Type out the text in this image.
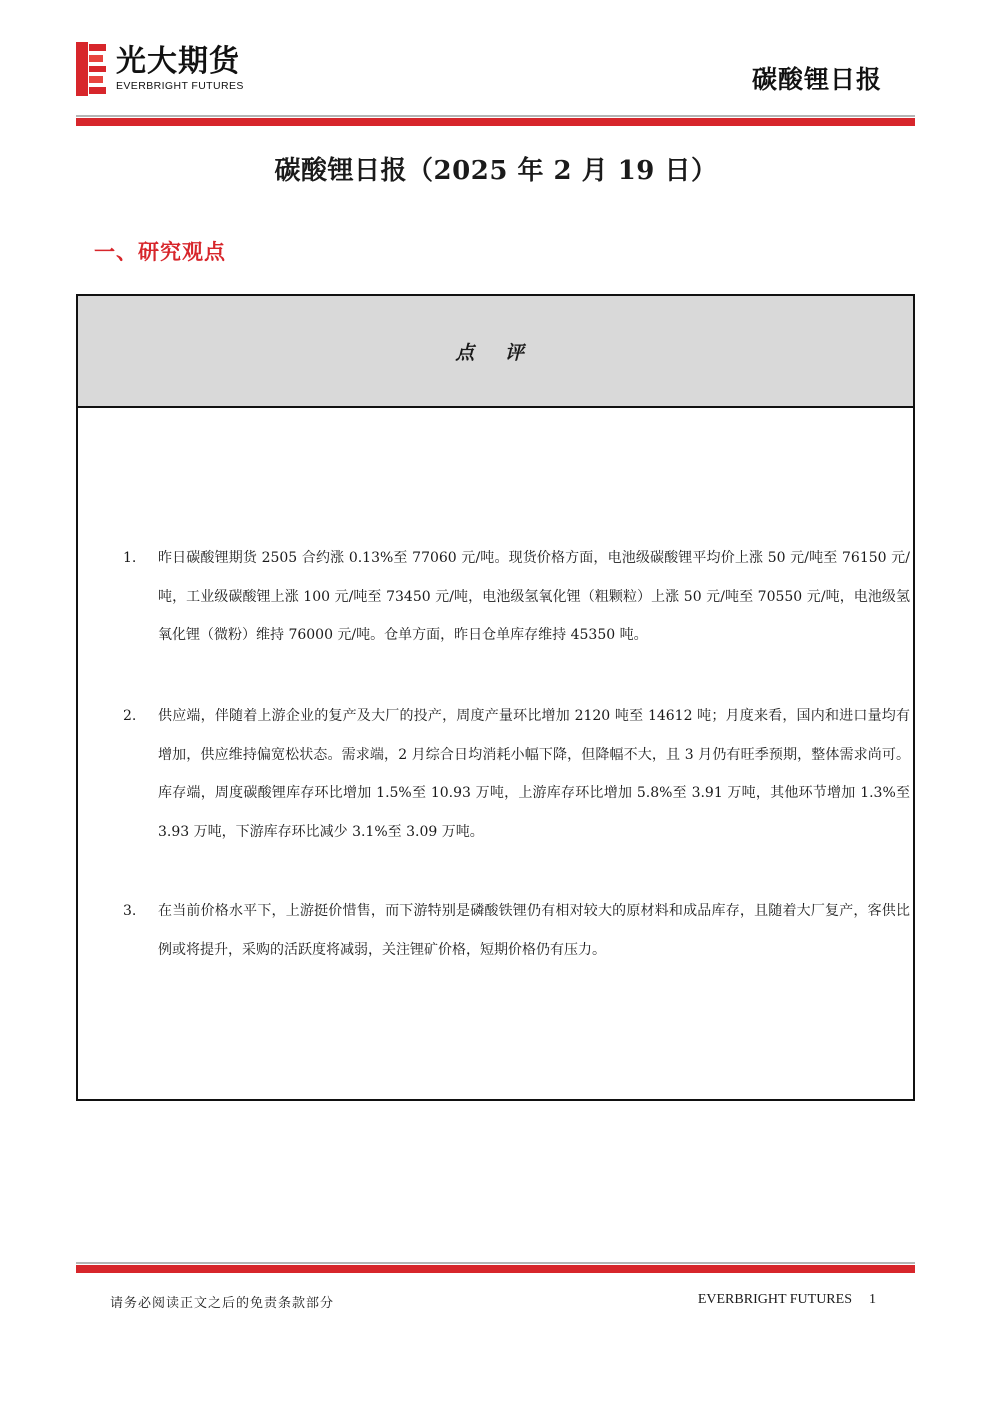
光大期货
EVERBRIGHT FUTURES	碳酸锂日报
碳酸锂日报（2025 年 2 月 19 日）
一、研究观点
点 评
1. 昨日碳酸锂期货 2505 合约涨 0.13%至 77060 元/吨。现货价格方面，电池级碳酸锂平均价上涨 50 元/吨至 76150 元/吨，工业级碳酸锂上涨 100 元/吨至 73450 元/吨，电池级氢氧化锂（粗颗粒）上涨 50 元/吨至 70550 元/吨，电池级氢氧化锂（微粉）维持 76000 元/吨。仓单方面，昨日仓单库存维持 45350 吨。

2. 供应端，伴随着上游企业的复产及大厂的投产，周度产量环比增加 2120 吨至 14612 吨；月度来看，国内和进口量均有增加，供应维持偏宽松状态。需求端，2 月综合日均消耗小幅下降，但降幅不大，且 3 月仍有旺季预期，整体需求尚可。库存端，周度碳酸锂库存环比增加 1.5%至 10.93 万吨，上游库存环比增加 5.8%至 3.91 万吨，其他环节增加 1.3%至 3.93 万吨，下游库存环比减少 3.1%至 3.09 万吨。

3. 在当前价格水平下，上游挺价惜售，而下游特别是磷酸铁锂仍有相对较大的原材料和成品库存，且随着大厂复产，客供比例或将提升，采购的活跃度将减弱，关注锂矿价格，短期价格仍有压力。

请务必阅读正文之后的免责条款部分	EVERBRIGHT FUTURES 1
